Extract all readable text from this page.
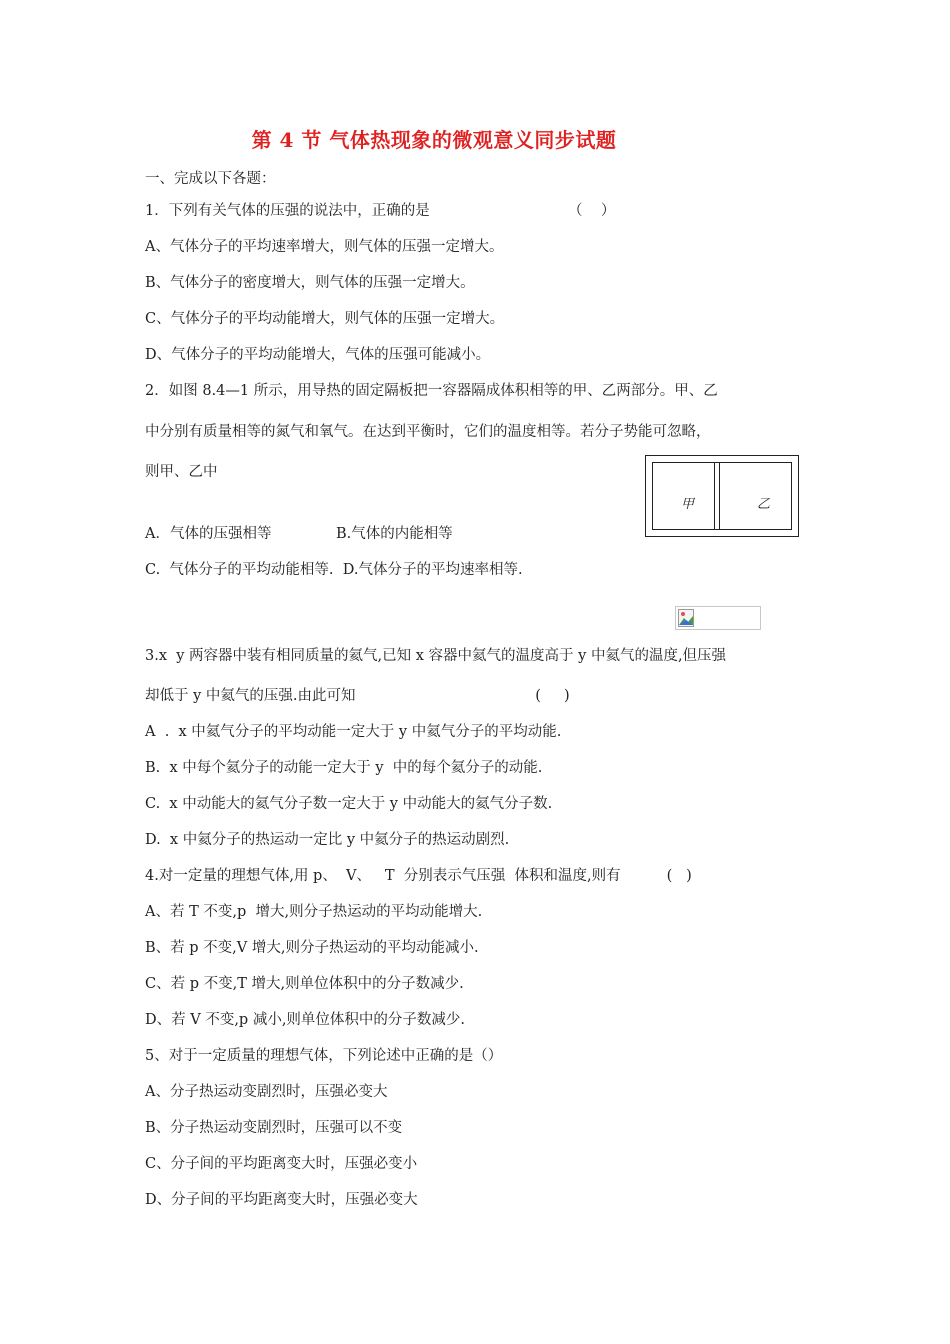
第 4 节 气体热现象的微观意义同步试题
一、完成以下各题：
1．下列有关气体的压强的说法中，正确的是                              （    ）
A、气体分子的平均速率增大，则气体的压强一定增大。
B、气体分子的密度增大，则气体的压强一定增大。
C、气体分子的平均动能增大，则气体的压强一定增大。
D、气体分子的平均动能增大，气体的压强可能减小。
2．如图 8.4—1 所示，用导热的固定隔板把一容器隔成体积相等的甲、乙两部分。甲、乙
中分别有质量相等的氮气和氧气。在达到平衡时，它们的温度相等。若分子势能可忽略，
则甲、乙中
A．气体的压强相等              B.气体的内能相等
C.  气体分子的平均动能相等.  D.气体分子的平均速率相等.
3.x  y 两容器中装有相同质量的氦气,已知 x 容器中氦气的温度高于 y 中氦气的温度,但压强
却低于 y 中氦气的压强.由此可知                                       (     )
A  .  x 中氦气分子的平均动能一定大于 y 中氦气分子的平均动能.
B.  x 中每个氦分子的动能一定大于 y  中的每个氦分子的动能.
C.  x 中动能大的氦气分子数一定大于 y 中动能大的氦气分子数.
D.  x 中氦分子的热运动一定比 y 中氦分子的热运动剧烈.
4.对一定量的理想气体,用 p、  V、   T  分别表示气压强  体积和温度,则有          (   )
A、若 T 不变,p  增大,则分子热运动的平均动能增大.
B、若 p 不变,V 增大,则分子热运动的平均动能减小.
C、若 p 不变,T 增大,则单位体积中的分子数减少.
D、若 V 不变,p 减小,则单位体积中的分子数减少.
5、对于一定质量的理想气体，下列论述中正确的是（）
A、分子热运动变剧烈时，压强必变大
B、分子热运动变剧烈时，压强可以不变
C、分子间的平均距离变大时，压强必变小
D、分子间的平均距离变大时，压强必变大
甲	乙
